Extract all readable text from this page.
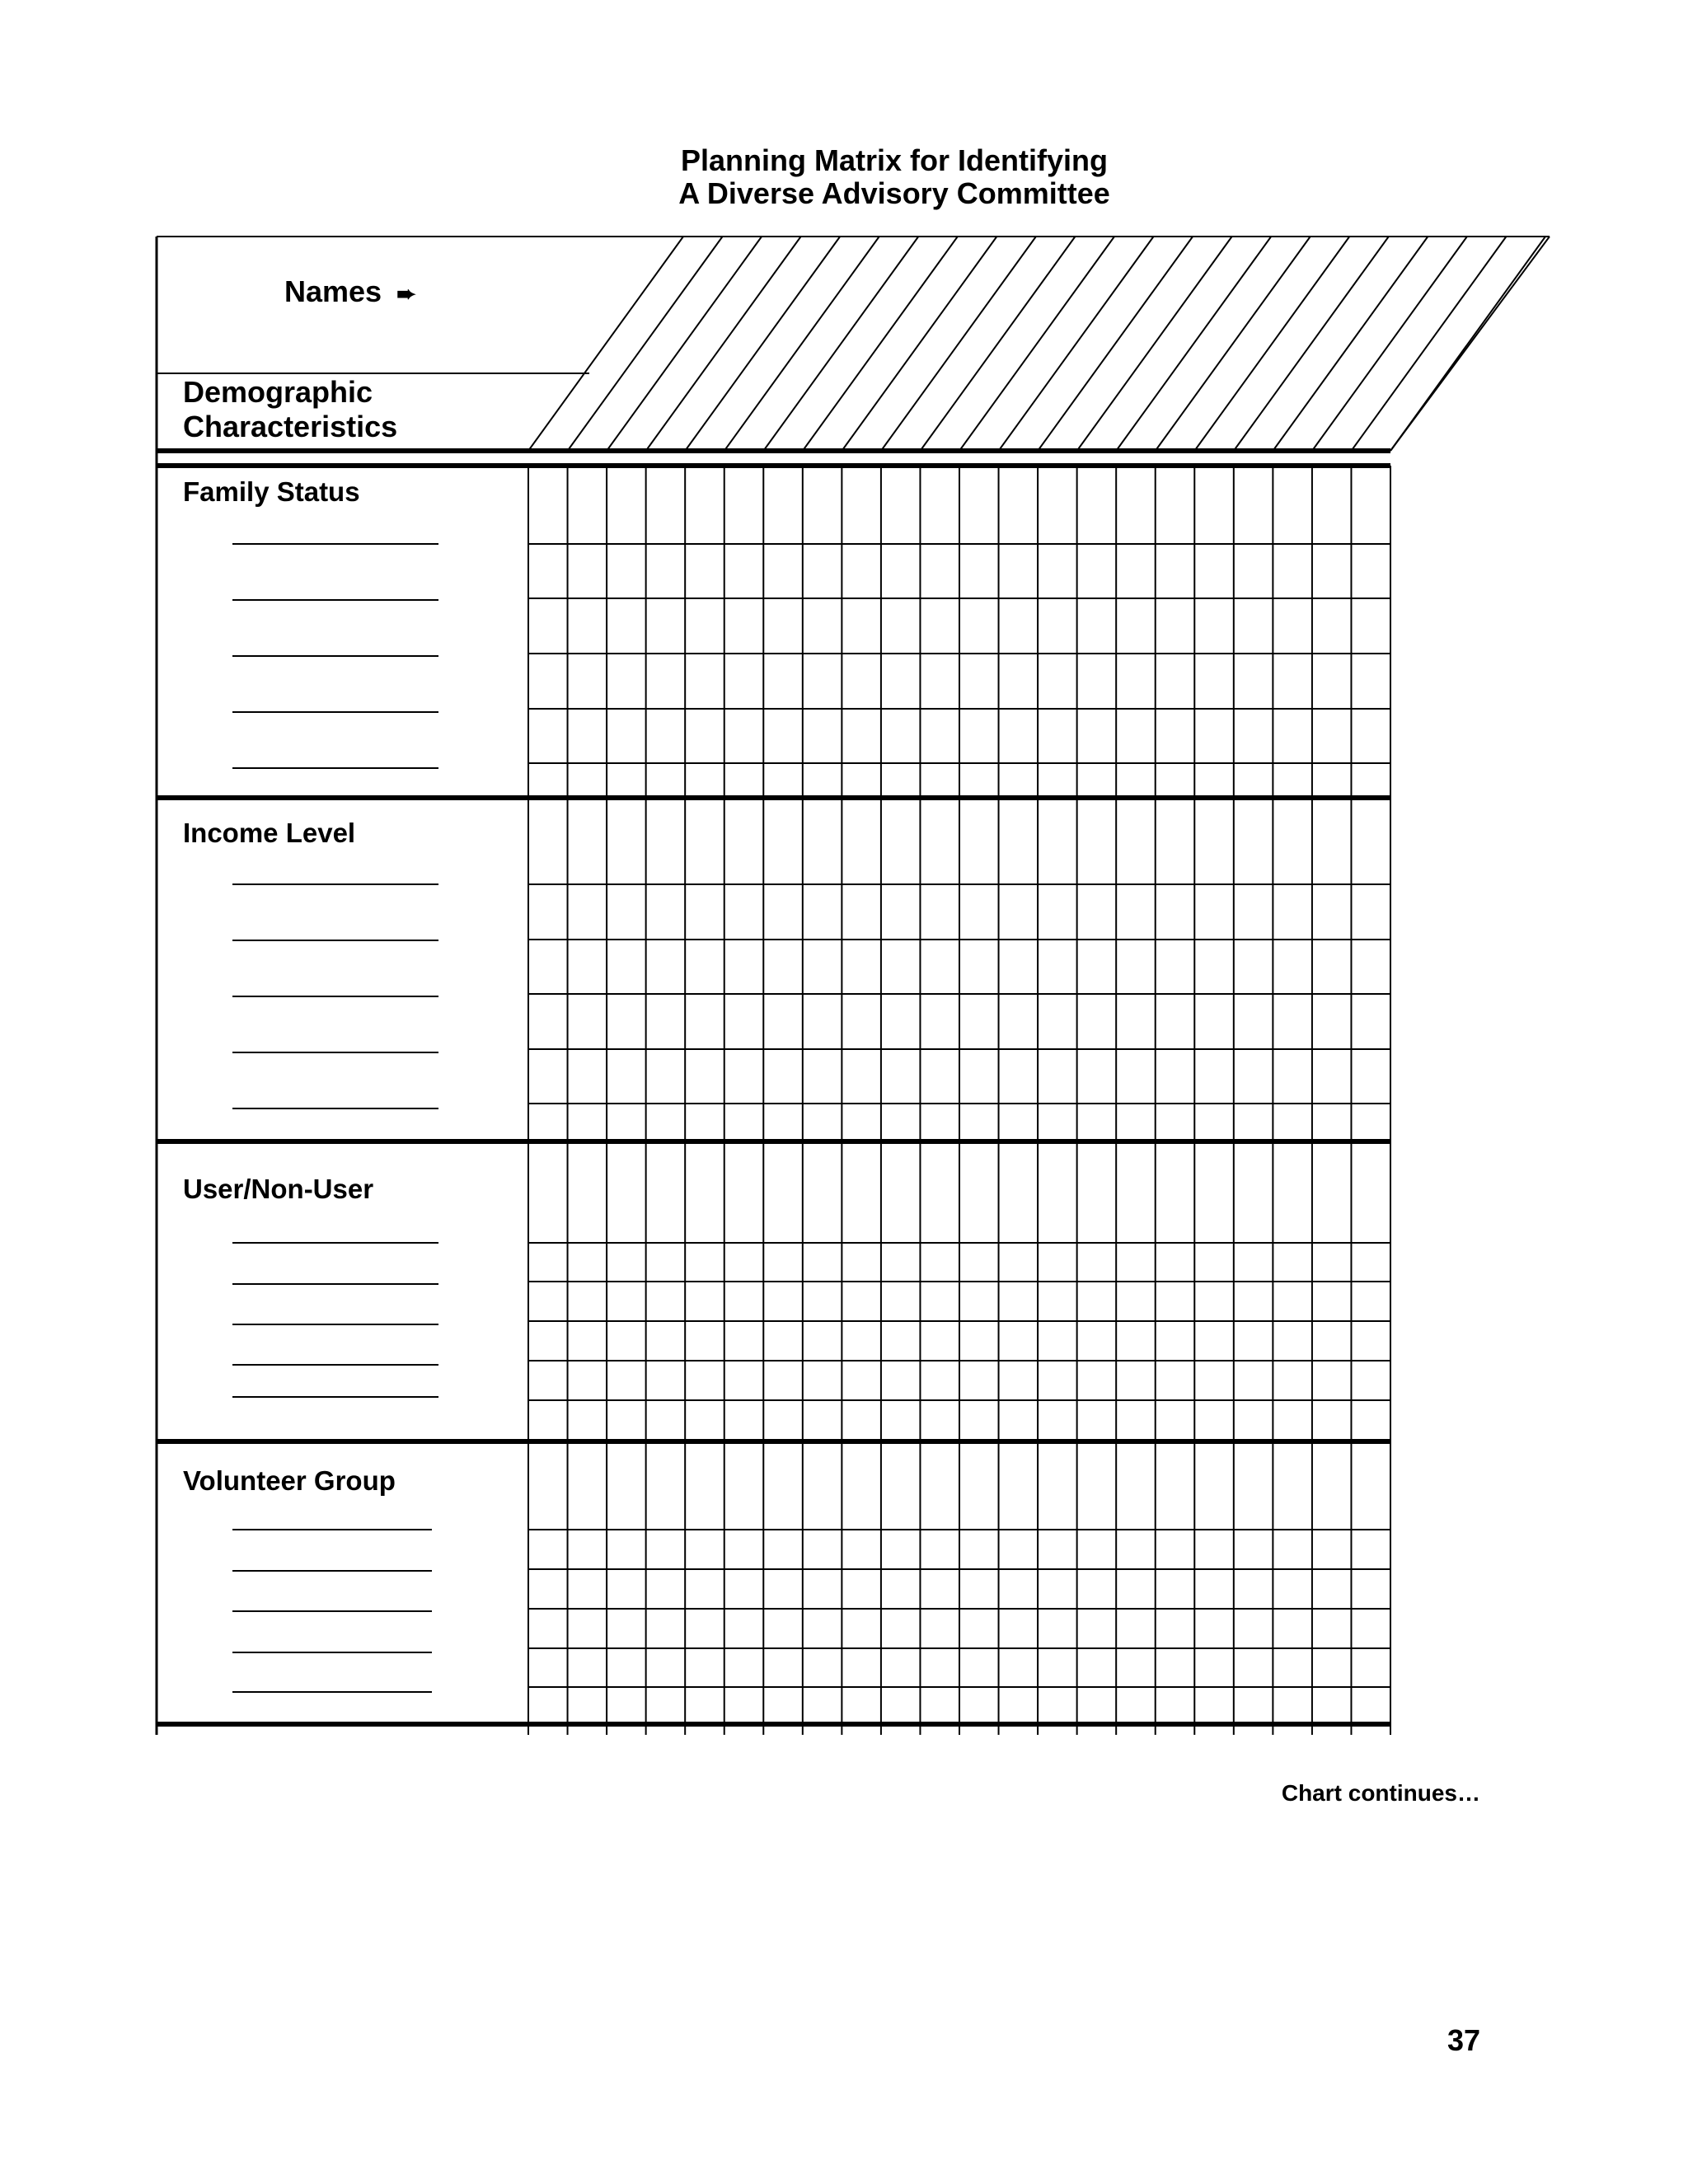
Planning Matrix for Identifying
A Diverse Advisory Committee
Names ➨
Demographic
Characteristics
Family Status
Income Level
User/Non-User
Volunteer Group
Chart continues…
37
